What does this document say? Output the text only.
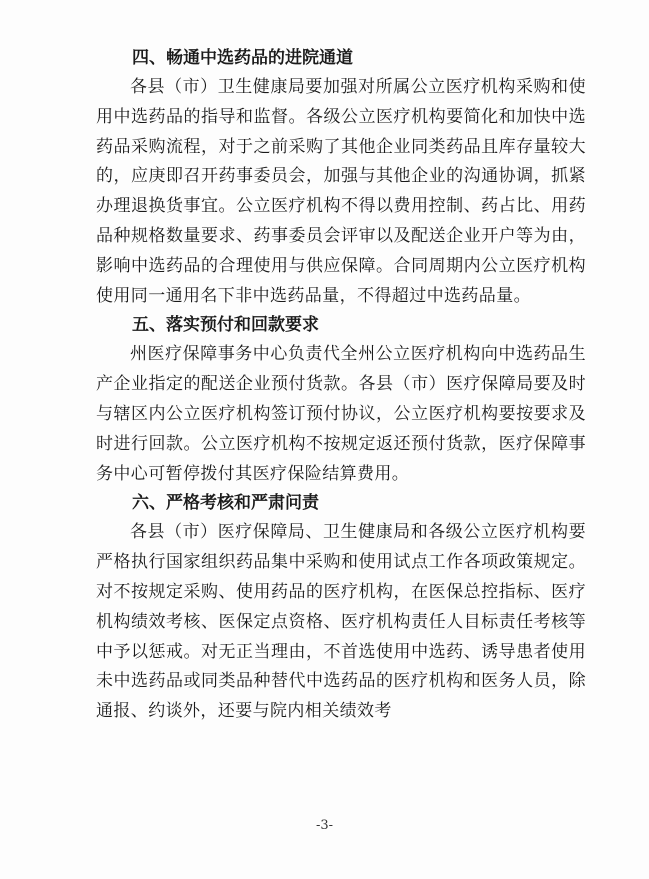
四、畅通中选药品的进院通道

各县（市）卫生健康局要加强对所属公立医疗机构采购和使用中选药品的指导和监督。各级公立医疗机构要简化和加快中选药品采购流程，对于之前采购了其他企业同类药品且库存量较大的，应庚即召开药事委员会，加强与其他企业的沟通协调，抓紧办理退换货事宜。公立医疗机构不得以费用控制、药占比、用药品种规格数量要求、药事委员会评审以及配送企业开户等为由，影响中选药品的合理使用与供应保障。合同周期内公立医疗机构使用同一通用名下非中选药品量，不得超过中选药品量。

五、落实预付和回款要求

州医疗保障事务中心负责代全州公立医疗机构向中选药品生产企业指定的配送企业预付货款。各县（市）医疗保障局要及时与辖区内公立医疗机构签订预付协议，公立医疗机构要按要求及时进行回款。公立医疗机构不按规定返还预付货款，医疗保障事务中心可暂停拨付其医疗保险结算费用。

六、严格考核和严肃问责

各县（市）医疗保障局、卫生健康局和各级公立医疗机构要严格执行国家组织药品集中采购和使用试点工作各项政策规定。对不按规定采购、使用药品的医疗机构，在医保总控指标、医疗机构绩效考核、医保定点资格、医疗机构责任人目标责任考核等中予以惩戒。对无正当理由，不首选使用中选药、诱导患者使用未中选药品或同类品种替代中选药品的医疗机构和医务人员，除通报、约谈外，还要与院内相关绩效考

-3-
